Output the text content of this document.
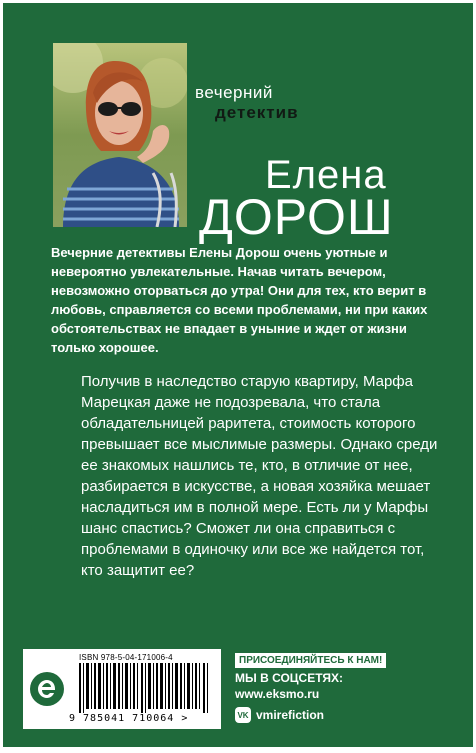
вечерний
детектив
Елена
ДОРОШ

Вечерние детективы Елены Дорош очень уютные и невероятно увлекательные. Начав читать вечером, невозможно оторваться до утра! Они для тех, кто верит в любовь, справляется со всеми проблемами, ни при каких обстоятельствах не впадает в уныние и ждет от жизни только хорошее.

Получив в наследство старую квартиру, Марфа Марецкая даже не подозревала, что стала обладательницей раритета, стоимость которого превышает все мыслимые размеры. Однако среди ее знакомых нашлись те, кто, в отличие от нее, разбирается в искусстве, а новая хозяйка мешает насладиться им в полной мере. Есть ли у Марфы шанс спастись? Сможет ли она справиться с проблемами в одиночку или все же найдется тот, кто защитит ее?

ISBN 978-5-04-171006-4
9 785041 710064 >
ПРИСОЕДИНЯЙТЕСЬ К НАМ!
МЫ В СОЦСЕТЯХ:
www.eksmo.ru
VK vmirefiction
